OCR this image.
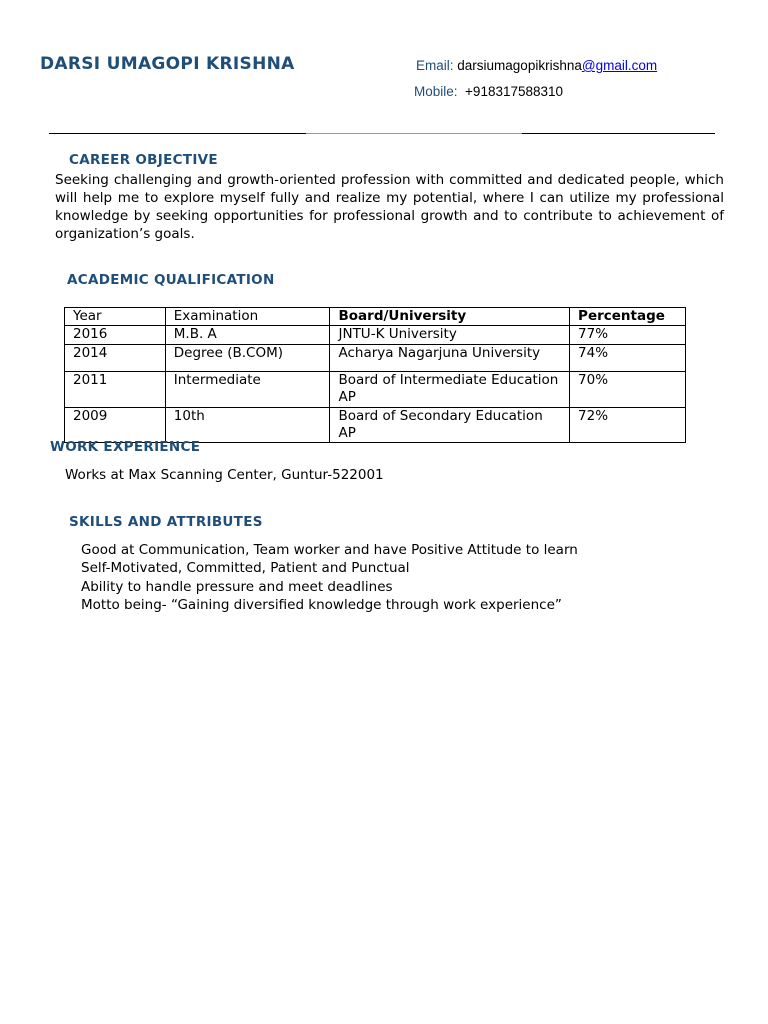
DARSI UMAGOPI KRISHNA	Email: darsiumagopikrishna@gmail.com
Mobile: +918317588310
CAREER OBJECTIVE

Seeking challenging and growth-oriented profession with committed and dedicated people, which will help me to explore myself fully and realize my potential, where I can utilize my professional knowledge by seeking opportunities for professional growth and to contribute to achievement of organization’s goals.

ACADEMIC QUALIFICATION
Year	Examination	Board/University	Percentage
2016	M.B. A	JNTU-K University	77%
2014	Degree (B.COM)	Acharya Nagarjuna University	74%
2011	Intermediate	Board of Intermediate Education AP	70%
2009	10th	Board of Secondary Education AP	72%
WORK EXPERIENCE

Works at Max Scanning Center, Guntur-522001

SKILLS AND ATTRIBUTES
Good at Communication, Team worker and have Positive Attitude to learn
Self-Motivated, Committed, Patient and Punctual
Ability to handle pressure and meet deadlines
Motto being- “Gaining diversified knowledge through work experience”
